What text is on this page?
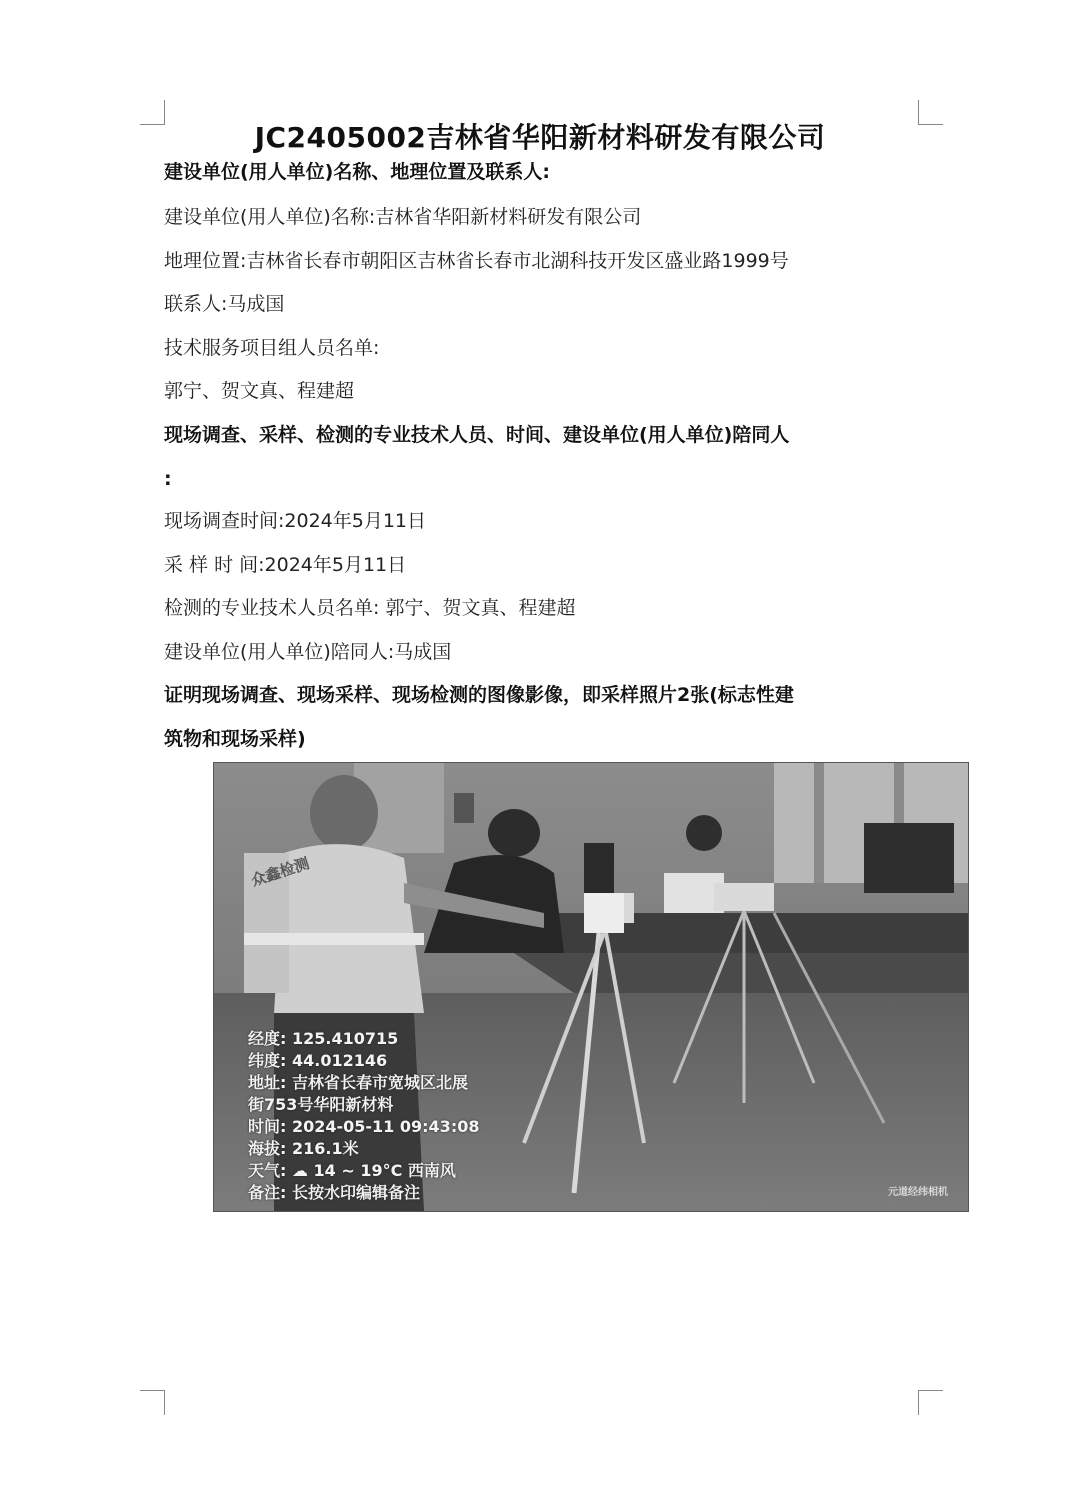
JC2405002吉林省华阳新材料研发有限公司
建设单位(用人单位)名称、地理位置及联系人:
建设单位(用人单位)名称:吉林省华阳新材料研发有限公司
地理位置:吉林省长春市朝阳区吉林省长春市北湖科技开发区盛业路1999号
联系人:马成国
技术服务项目组人员名单:
郭宁、贺文真、程建超
现场调查、采样、检测的专业技术人员、时间、建设单位(用人单位)陪同人
:
现场调查时间:2024年5月11日
采 样 时 间:2024年5月11日
检测的专业技术人员名单: 郭宁、贺文真、程建超
建设单位(用人单位)陪同人:马成国
证明现场调查、现场采样、现场检测的图像影像，即采样照片2张(标志性建
筑物和现场采样)
众鑫检测
经度: 125.410715
纬度: 44.012146
地址: 吉林省长春市宽城区北展
街753号华阳新材料
时间: 2024-05-11 09:43:08
海拔: 216.1米
天气: ☁ 14 ~ 19°C 西南风
备注: 长按水印编辑备注	元道经纬相机
